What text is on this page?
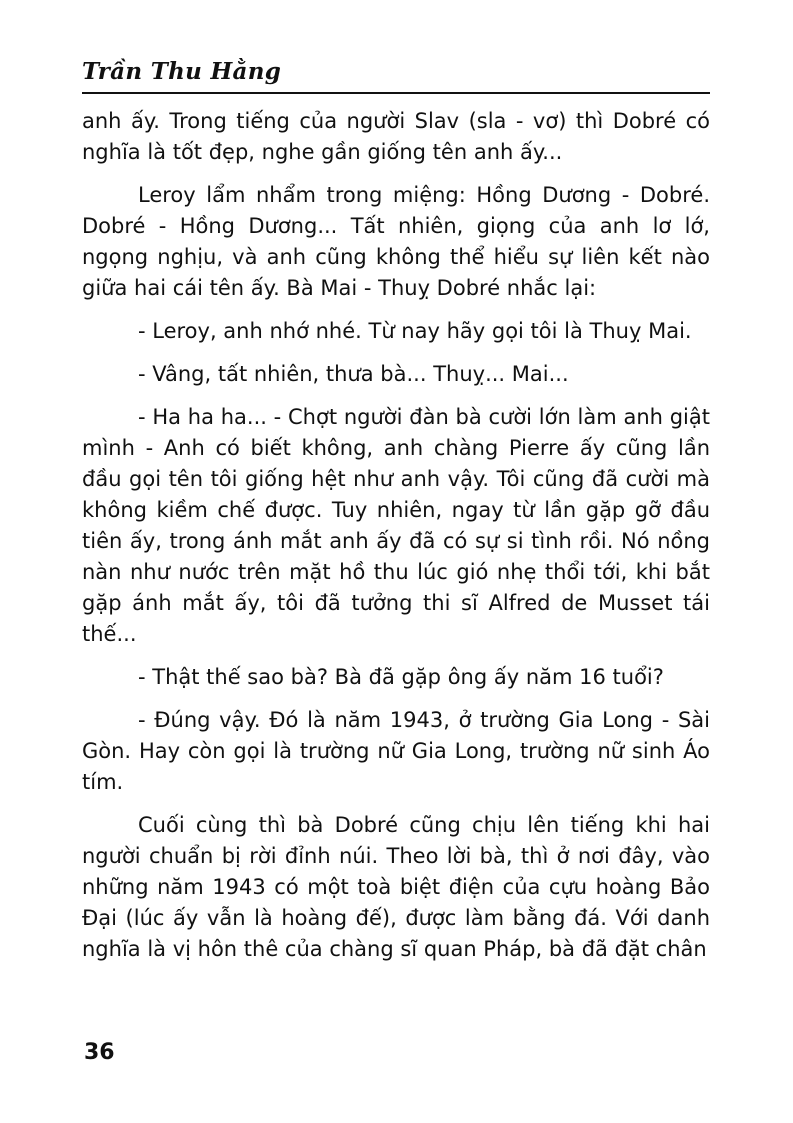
Trần Thu Hằng

anh ấy. Trong tiếng của người Slav (sla - vơ) thì Dobré có nghĩa là tốt đẹp, nghe gần giống tên anh ấy...

Leroy lẩm nhẩm trong miệng: Hồng Dương - Dobré. Dobré - Hồng Dương... Tất nhiên, giọng của anh lơ lớ, ngọng nghịu, và anh cũng không thể hiểu sự liên kết nào giữa hai cái tên ấy. Bà Mai - Thuỵ Dobré nhắc lại:

- Leroy, anh nhớ nhé. Từ nay hãy gọi tôi là Thuỵ Mai.

- Vâng, tất nhiên, thưa bà... Thuỵ... Mai...

- Ha ha ha... - Chợt người đàn bà cười lớn làm anh giật mình - Anh có biết không, anh chàng Pierre ấy cũng lần đầu gọi tên tôi giống hệt như anh vậy. Tôi cũng đã cười mà không kiềm chế được. Tuy nhiên, ngay từ lần gặp gỡ đầu tiên ấy, trong ánh mắt anh ấy đã có sự si tình rồi. Nó nồng nàn như nước trên mặt hồ thu lúc gió nhẹ thổi tới, khi bắt gặp ánh mắt ấy, tôi đã tưởng thi sĩ Alfred de Musset tái thế...

- Thật thế sao bà? Bà đã gặp ông ấy năm 16 tuổi?

- Đúng vậy. Đó là năm 1943, ở trường Gia Long - Sài Gòn. Hay còn gọi là trường nữ Gia Long, trường nữ sinh Áo tím.

Cuối cùng thì bà Dobré cũng chịu lên tiếng khi hai người chuẩn bị rời đỉnh núi. Theo lời bà, thì ở nơi đây, vào những năm 1943 có một toà biệt điện của cựu hoàng Bảo Đại (lúc ấy vẫn là hoàng đế), được làm bằng đá. Với danh nghĩa là vị hôn thê của chàng sĩ quan Pháp, bà đã đặt chân

36
